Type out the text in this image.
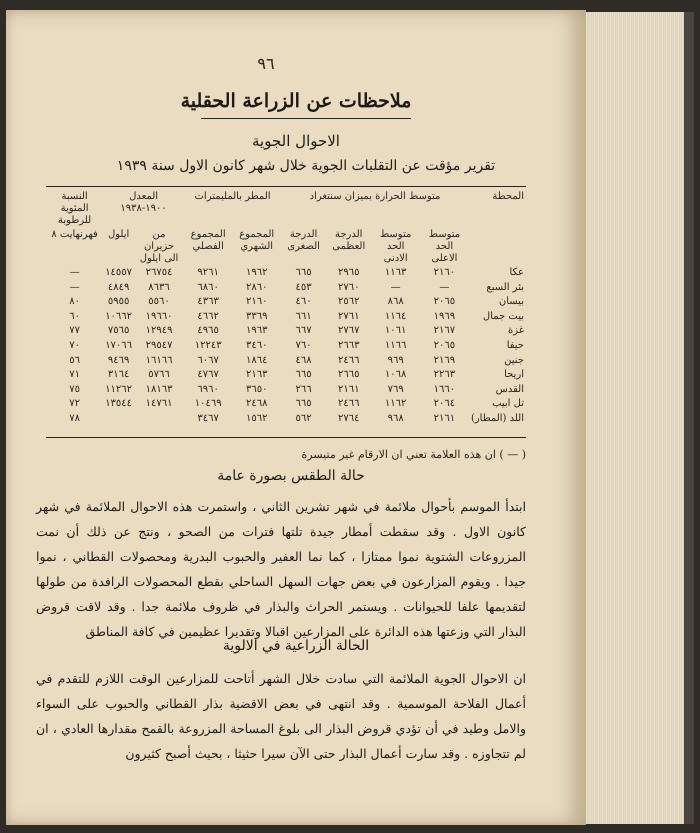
٩٦
ملاحظات عن الزراعة الحقلية
الاحوال الجوية
تقرير مؤقت عن التقلبات الجوية خلال شهر كانون الاول سنة ١٩٣٩
المحطة	متوسط الحرارة بميزان سنتغراد				المطر بالمليمترات		المعدل ١٩٠٠-١٩٣٨		النسبة المئوية للرطوبة
	متوسط الحد الاعلى	متوسط الحد الادنى	الدرجة العظمى	الدرجة الصغرى	المجموع الشهري	المجموع الفصلي	من حزيران الى ايلول	ايلول	فهرنهايت ٨
عكا	٢١٦٠	١١٦٣	٢٩٦٥	٦٦٥	١٩٦٢	٩٢٦١	٢٦٧٥٤	١٤٥٥٧	—
بئر السبع	—	—	٢٧٦٠	٤٥٣	٢٨٦٠	٦٨٦٠	٨٦٣٦	٤٨٤٩	—
بيسان	٢٠٦٥	٨٦٨	٢٥٦٢	٤٦٠	٢١٦٠	٤٣٦٣	٥٥٦٠	٥٩٥٥	٨٠
بيت جمال	١٩٦٩	١١٦٤	٢٧٦١	٦٦١	٣٣٦٩	٤٦٦٢	١٩٦٦٠	١٠٦٦٢	٦٠
غزة	٢١٦٧	١٠٦١	٢٧٦٧	٦٦٧	١٩٦٣	٤٩٦٥	١٢٩٤٩	٧٥٦٥	٧٧
حيفا	٢٠٦٥	١١٦٦	٢٦٦٣	٧٦٠	٣٤٦٠	١٢٢٤٣	٢٩٥٤٧	١٧٠٦٦	٧٠
جنين	٢١٦٩	٩٦٩	٢٤٦٦	٤٦٨	١٨٦٤	٦٠٦٧	١٦١٦٦	٩٤٦٩	٥٦
اريحا	٢٢٦٣	١٠٦٨	٢٦٦٥	٦٦٥	٢١٦٣	٤٧٦٧	٥٧٦٦	٣١٦٤	٧١
القدس	١٦٦٠	٧٦٩	٢١٦١	٢٦٦	٣٦٥٠	٦٩٦٠	١٨١٦٣	١١٢٦٢	٧٥
تل ابيب	٢٠٦٤	١١٦٢	٢٤٦٦	٦٦٥	٢٤٦٨	١٠٤٦٩	١٤٧٦١	١٣٥٤٤	٧٢
اللد (المطار)	٢١٦١	٩٦٨	٢٧٦٤	٥٦٢	١٥٦٢	٣٤٦٧			٧٨
( — ) ان هذه العلامة تعني ان الارقام غير متيسرة
حالة الطقس بصورة عامة
ابتدأ الموسم بأحوال ملائمة في شهر تشرين الثاني ، واستمرت هذه الاحوال الملائمة في شهر كانون الاول . وقد سقطت أمطار جيدة تلتها فترات من الصحو ، ونتج عن ذلك أن نمت المزروعات الشتوية نموا ممتازا ، كما نما العفير والحبوب البدرية ومحصولات القطاني ، نموا جيدا . ويقوم المزارعون في بعض جهات السهل الساحلي بقطع المحصولات الرافدة من طولها لتقديمها علفا للحيوانات . ويستمر الحراث والبذار في ظروف ملائمة جدا . وقد لاقت قروض البذار التي وزعتها هذه الدائرة على المزارعين اقبالا وتقديرا عظيمين في كافة المناطق
الحالة الزراعية في الالوية
ان الاحوال الجوية الملائمة التي سادت خلال الشهر أتاحت للمزارعين الوقت اللازم للتقدم في أعمال الفلاحة الموسمية . وقد انتهى في بعض الاقضية بذار القطاني والحبوب على السواء والامل وطيد في أن تؤدي قروض البذار الى بلوغ المساحة المزروعة بالقمح مقدارها العادي ، ان لم تتجاوزه . وقد سارت أعمال البذار حتى الآن سيرا حثيثا ، بحيث أصبح كثيرون
